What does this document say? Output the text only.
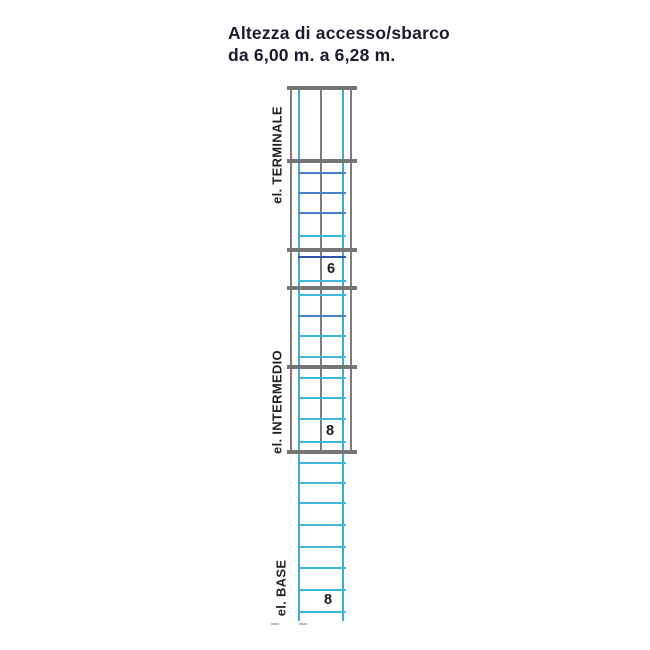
Altezza di accesso/sbarco
da 6,00 m. a 6,28 m.
6
8
8
el. TERMINALE
el. INTERMEDIO
el. BASE
